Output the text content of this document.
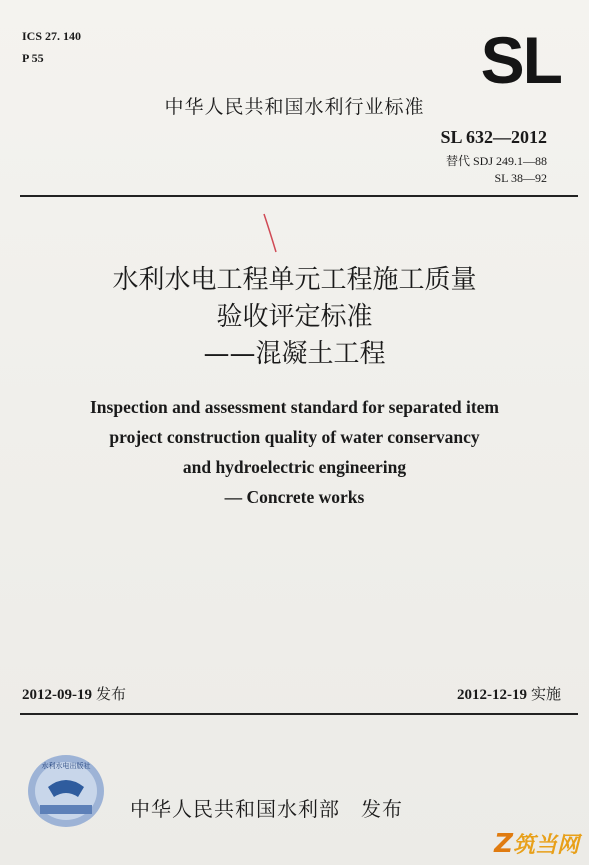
ICS 27. 140
P 55	SL
中华人民共和国水利行业标准
SL 632—2012
替代 SDJ 249.1—88
SL 38—92
水利水电工程单元工程施工质量
验收评定标准
——混凝土工程
Inspection and assessment standard for separated item
project construction quality of water conservancy
and hydroelectric engineering
— Concrete works
2012-09-19 发布	2012-12-19 实施
水利水电出版社
中华人民共和国水利部　发布
Z筑当网
